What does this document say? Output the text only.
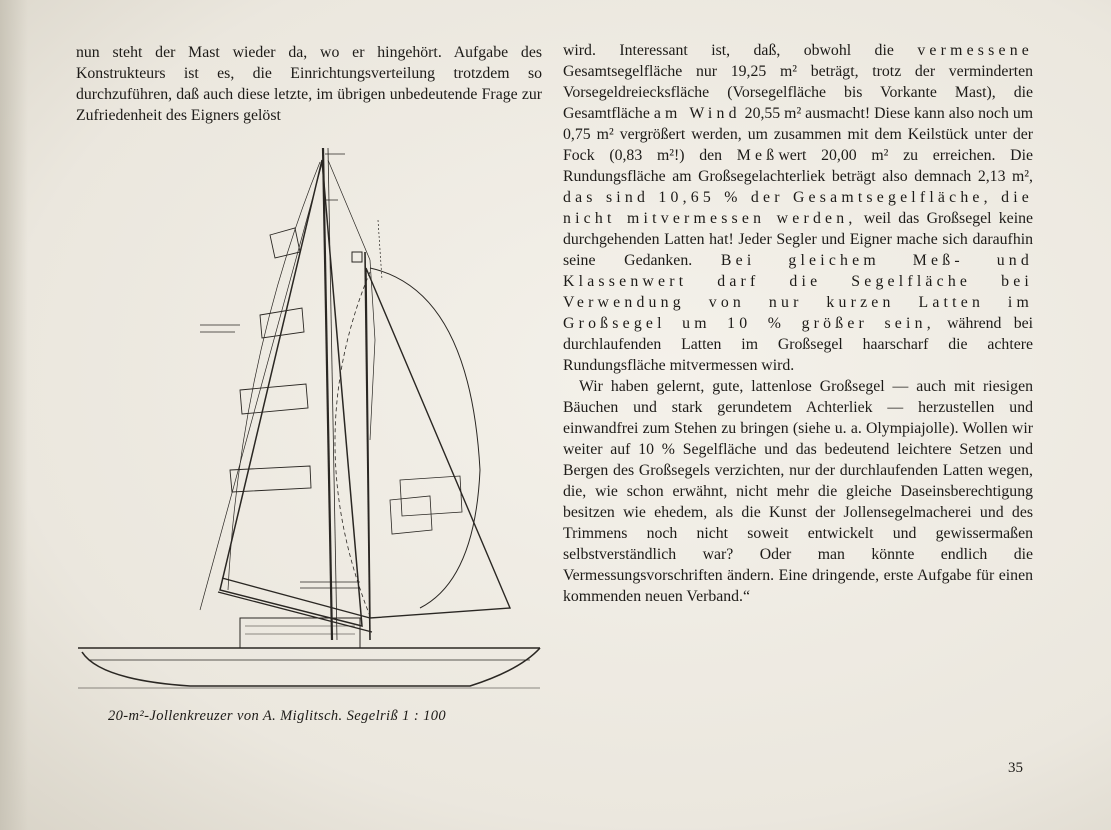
nun steht der Mast wieder da, wo er hingehört. Aufgabe des Konstrukteurs ist es, die Einrichtungsverteilung trotzdem so durchzuführen, daß auch diese letzte, im übrigen unbedeutende Frage zur Zufriedenheit des Eigners gelöst

20-m²-Jollenkreuzer von A. Miglitsch. Segelriß 1 : 100

wird. Interessant ist, daß, obwohl die vermessene Gesamtsegelfläche nur 19,25 m² beträgt, trotz der verminderten Vorsegeldreiecksfläche (Vorsegelfläche bis Vorkante Mast), die Gesamtfläche am Wind 20,55 m² ausmacht! Diese kann also noch um 0,75 m² vergrößert werden, um zusammen mit dem Keilstück unter der Fock (0,83 m²!) den Meßwert 20,00 m² zu erreichen. Die Rundungsfläche am Großsegelachterliek beträgt also demnach 2,13 m², das sind 10,65 % der Gesamtsegelfläche, die nicht mitvermessen werden, weil das Großsegel keine durchgehenden Latten hat! Jeder Segler und Eigner mache sich daraufhin seine Gedanken. Bei gleichem Meß- und Klassenwert darf die Segelfläche bei Verwendung von nur kurzen Latten im Großsegel um 10 % größer sein, während bei durchlaufenden Latten im Großsegel haarscharf die achtere Rundungsfläche mitvermessen wird.

Wir haben gelernt, gute, lattenlose Großsegel — auch mit riesigen Bäuchen und stark gerundetem Achterliek — herzustellen und einwandfrei zum Stehen zu bringen (siehe u. a. Olympiajolle). Wollen wir weiter auf 10 % Segelfläche und das bedeutend leichtere Setzen und Bergen des Großsegels verzichten, nur der durchlaufenden Latten wegen, die, wie schon erwähnt, nicht mehr die gleiche Daseinsberechtigung besitzen wie ehedem, als die Kunst der Jollensegelmacherei und des Trimmens noch nicht soweit entwickelt und gewissermaßen selbstverständlich war? Oder man könnte endlich die Vermessungsvorschriften ändern. Eine dringende, erste Aufgabe für einen kommenden neuen Verband.“

35
